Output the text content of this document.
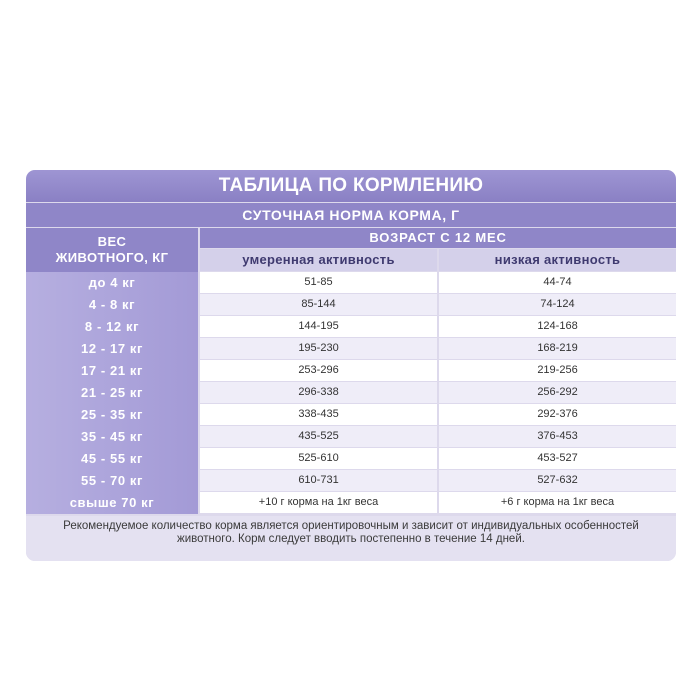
ТАБЛИЦА ПО КОРМЛЕНИЮ
СУТОЧНАЯ НОРМА КОРМА, Г
ВЕС
ЖИВОТНОГО, КГ
ВОЗРАСТ С 12 МЕС
умеренная активность	низкая активность
до 4 кг	51-85	44-74
4 - 8 кг	85-144	74-124
8 - 12 кг	144-195	124-168
12 - 17 кг	195-230	168-219
17 - 21 кг	253-296	219-256
21 - 25 кг	296-338	256-292
25 - 35 кг	338-435	292-376
35 - 45 кг	435-525	376-453
45 - 55 кг	525-610	453-527
55 - 70 кг	610-731	527-632
свыше 70 кг	+10 г корма на 1кг веса	+6 г корма на 1кг веса
Рекомендуемое количество корма является ориентировочным и зависит от индивидуальных особенностей
животного. Корм следует вводить постепенно в течение 14 дней.
